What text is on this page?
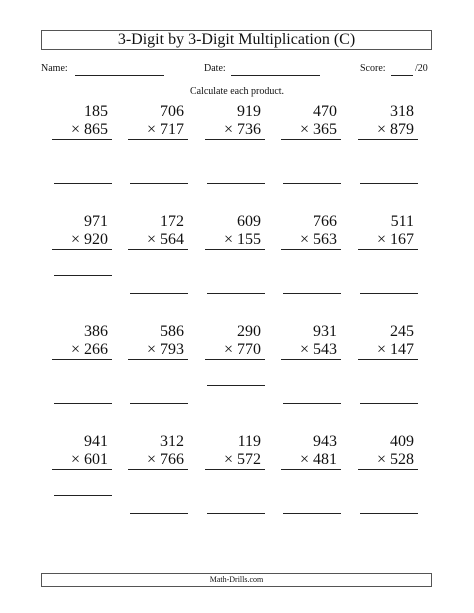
3-Digit by 3-Digit Multiplication (C)
Name:	Date:	Score:	/20
Calculate each product.
185
× 865
706
× 717
919
× 736
470
× 365
318
× 879
971
× 920
172
× 564
609
× 155
766
× 563
511
× 167
386
× 266
586
× 793
290
× 770
931
× 543
245
× 147
941
× 601
312
× 766
119
× 572
943
× 481
409
× 528
Math-Drills.com
